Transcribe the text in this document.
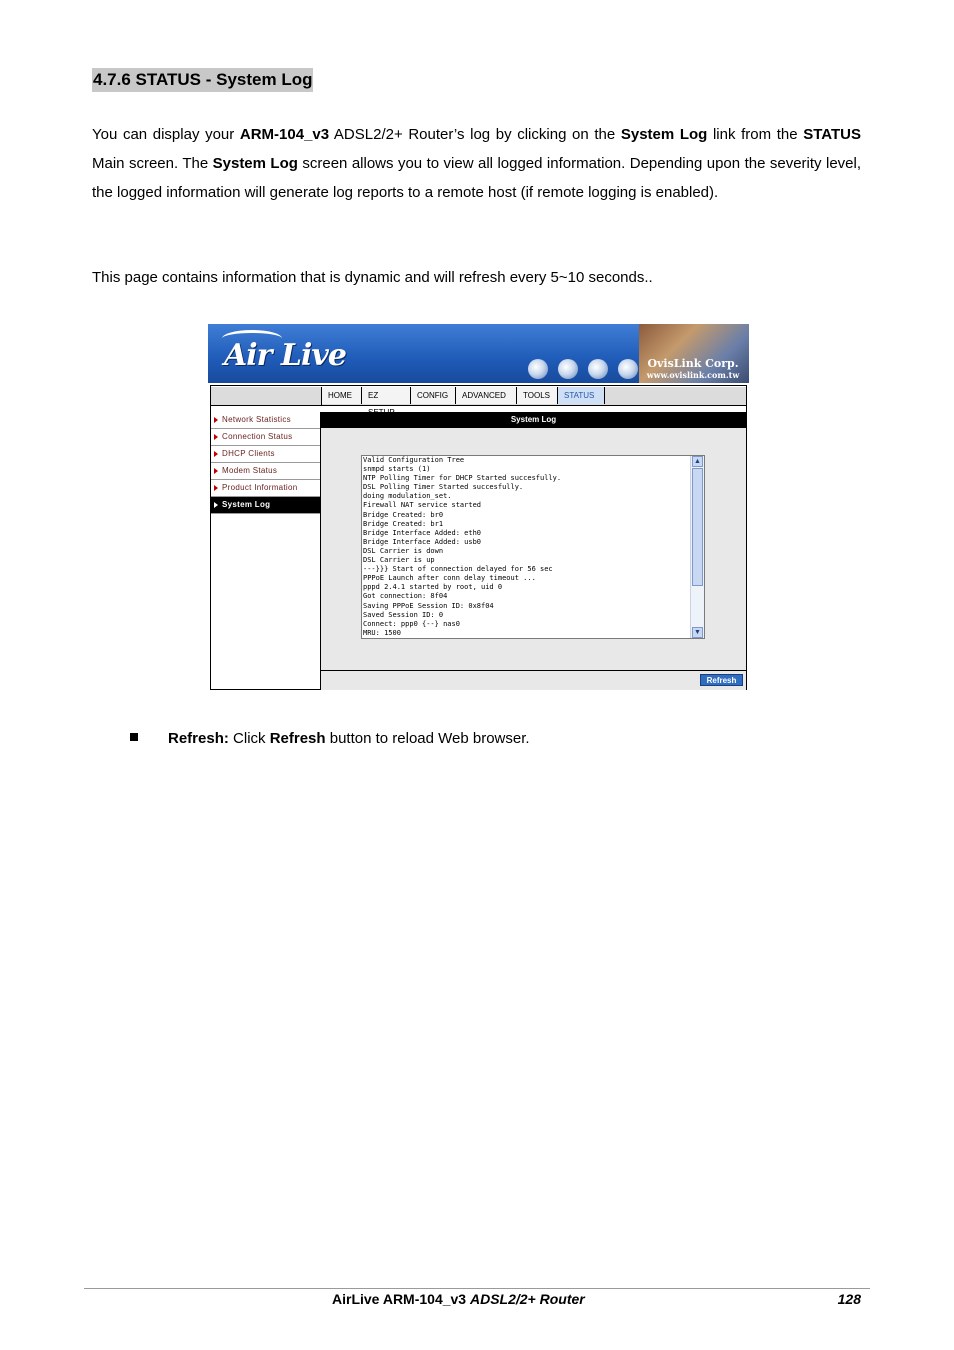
4.7.6 STATUS - System Log
You can display your ARM-104_v3 ADSL2/2+ Router’s log by clicking on the System Log link from the STATUS Main screen. The System Log screen allows you to view all logged information. Depending upon the severity level, the logged information will generate log reports to a remote host (if remote logging is enabled).
This page contains information that is dynamic and will refresh every 5~10 seconds..
Air Live	OvisLink Corp.
www.ovislink.com.tw
HOME	EZ	CONFIG	ADVANCED	TOOLS	STATUS
Network Statistics
Connection Status
DHCP Clients
Modem Status
Product Information
System Log
System Log
Valid Configuration Tree
snmpd starts (1)
NTP Polling Timer for DHCP Started succesfully.
DSL Polling Timer Started succesfully.
doing modulation_set.
Firewall NAT service started
Bridge Created: br0
Bridge Created: br1
Bridge Interface Added: eth0
Bridge Interface Added: usb0
DSL Carrier is down
DSL Carrier is up
---}}} Start of connection delayed for 56 sec
PPPoE Launch after conn delay timeout ...
pppd 2.4.1 started by root, uid 0
Got connection: 8f04
Saving PPPoE Session ID: 0x8f04
Saved Session ID: 0
Connect: ppp0 {--} nas0
MRU: 1500
▲
▼
Refresh
Refresh: Click Refresh button to reload Web browser.
AirLive ARM-104_v3 ADSL2/2+ Router	128
